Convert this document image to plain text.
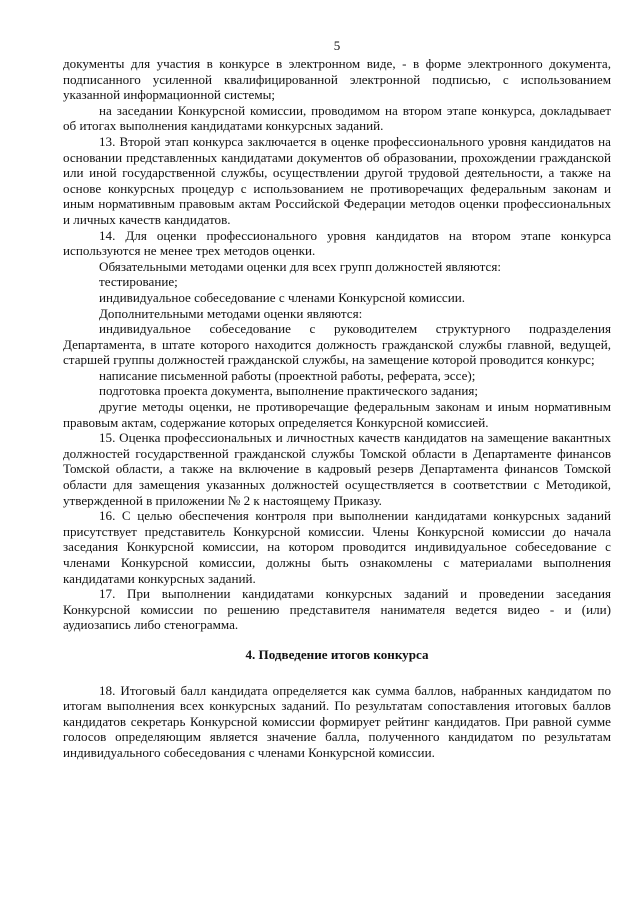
5

документы для участия в конкурсе в электронном виде, - в форме электронного документа, подписанного усиленной квалифицированной электронной подписью, с использованием указанной информационной системы;

на заседании Конкурсной комиссии, проводимом на втором этапе конкурса, докладывает об итогах выполнения кандидатами конкурсных заданий.

13. Второй этап конкурса заключается в оценке профессионального уровня кандидатов на основании представленных кандидатами документов об образовании, прохождении гражданской или иной государственной службы, осуществлении другой трудовой деятельности, а также на основе конкурсных процедур с использованием не противоречащих федеральным законам и иным нормативным правовым актам Российской Федерации методов оценки профессиональных и личных качеств кандидатов.

14. Для оценки профессионального уровня кандидатов на втором этапе конкурса используются не менее трех методов оценки.

Обязательными методами оценки для всех групп должностей являются:

тестирование;

индивидуальное собеседование с членами Конкурсной комиссии.

Дополнительными методами оценки являются:

индивидуальное собеседование с руководителем структурного подразделения Департамента, в штате которого находится должность гражданской службы главной, ведущей, старшей группы должностей гражданской службы, на замещение которой проводится конкурс;

написание письменной работы (проектной работы, реферата, эссе);

подготовка проекта документа, выполнение практического задания;

другие методы оценки, не противоречащие федеральным законам и иным нормативным правовым актам, содержание которых определяется Конкурсной комиссией.

15. Оценка профессиональных и личностных качеств кандидатов на замещение вакантных должностей государственной гражданской службы Томской области в Департаменте финансов Томской области, а также на включение в кадровый резерв Департамента финансов Томской области для замещения указанных должностей осуществляется в соответствии с Методикой, утвержденной в приложении № 2 к настоящему Приказу.

16. С целью обеспечения контроля при выполнении кандидатами конкурсных заданий присутствует представитель Конкурсной комиссии. Члены Конкурсной комиссии до начала заседания Конкурсной комиссии, на котором проводится индивидуальное собеседование с членами Конкурсной комиссии, должны быть ознакомлены с материалами выполнения кандидатами конкурсных заданий.

17. При выполнении кандидатами конкурсных заданий и проведении заседания Конкурсной комиссии по решению представителя нанимателя ведется видео - и (или) аудиозапись либо стенограмма.

4. Подведение итогов конкурса

18. Итоговый балл кандидата определяется как сумма баллов, набранных кандидатом по итогам выполнения всех конкурсных заданий. По результатам сопоставления итоговых баллов кандидатов секретарь Конкурсной комиссии формирует рейтинг кандидатов. При равной сумме голосов определяющим является значение балла, полученного кандидатом по результатам индивидуального собеседования с членами Конкурсной комиссии.
